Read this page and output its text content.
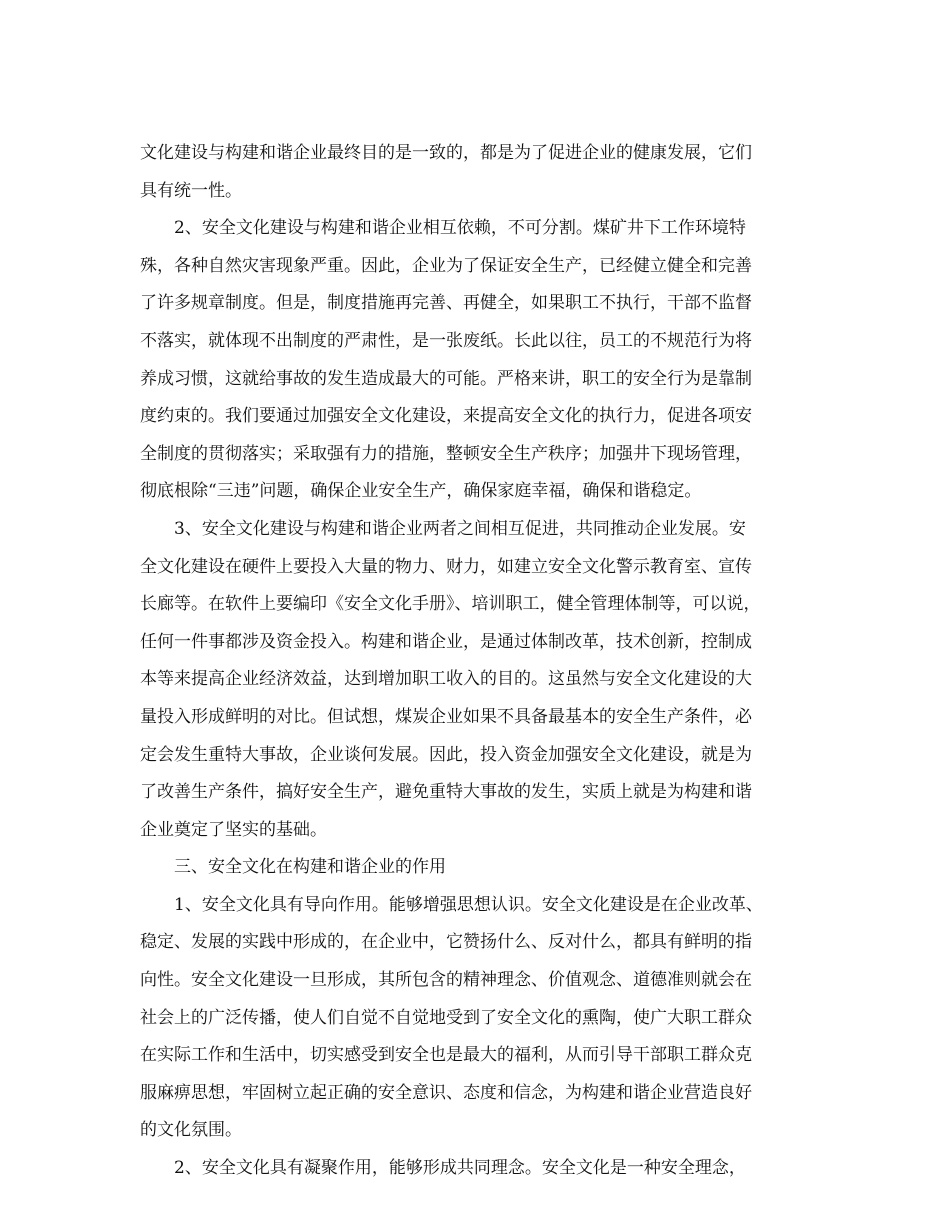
文化建设与构建和谐企业最终目的是一致的，都是为了促进企业的健康发展，它们

具有统一性。

2、安全文化建设与构建和谐企业相互依赖，不可分割。煤矿井下工作环境特

殊，各种自然灾害现象严重。因此，企业为了保证安全生产，已经健立健全和完善

了许多规章制度。但是，制度措施再完善、再健全，如果职工不执行，干部不监督

不落实，就体现不出制度的严肃性，是一张废纸。长此以往，员工的不规范行为将

养成习惯，这就给事故的发生造成最大的可能。严格来讲，职工的安全行为是靠制

度约束的。我们要通过加强安全文化建设，来提高安全文化的执行力，促进各项安

全制度的贯彻落实；采取强有力的措施，整顿安全生产秩序；加强井下现场管理，

彻底根除“三违”问题，确保企业安全生产，确保家庭幸福，确保和谐稳定。

3、安全文化建设与构建和谐企业两者之间相互促进，共同推动企业发展。安

全文化建设在硬件上要投入大量的物力、财力，如建立安全文化警示教育室、宣传

长廊等。在软件上要编印《安全文化手册》、培训职工，健全管理体制等，可以说，

任何一件事都涉及资金投入。构建和谐企业，是通过体制改革，技术创新，控制成

本等来提高企业经济效益，达到增加职工收入的目的。这虽然与安全文化建设的大

量投入形成鲜明的对比。但试想，煤炭企业如果不具备最基本的安全生产条件，必

定会发生重特大事故，企业谈何发展。因此，投入资金加强安全文化建设，就是为

了改善生产条件，搞好安全生产，避免重特大事故的发生，实质上就是为构建和谐

企业奠定了坚实的基础。

三、安全文化在构建和谐企业的作用

1、安全文化具有导向作用。能够增强思想认识。安全文化建设是在企业改革、

稳定、发展的实践中形成的，在企业中，它赞扬什么、反对什么，都具有鲜明的指

向性。安全文化建设一旦形成，其所包含的精神理念、价值观念、道德准则就会在

社会上的广泛传播，使人们自觉不自觉地受到了安全文化的熏陶，使广大职工群众

在实际工作和生活中，切实感受到安全也是最大的福利，从而引导干部职工群众克

服麻痹思想，牢固树立起正确的安全意识、态度和信念，为构建和谐企业营造良好

的文化氛围。

2、安全文化具有凝聚作用，能够形成共同理念。安全文化是一种安全理念，
